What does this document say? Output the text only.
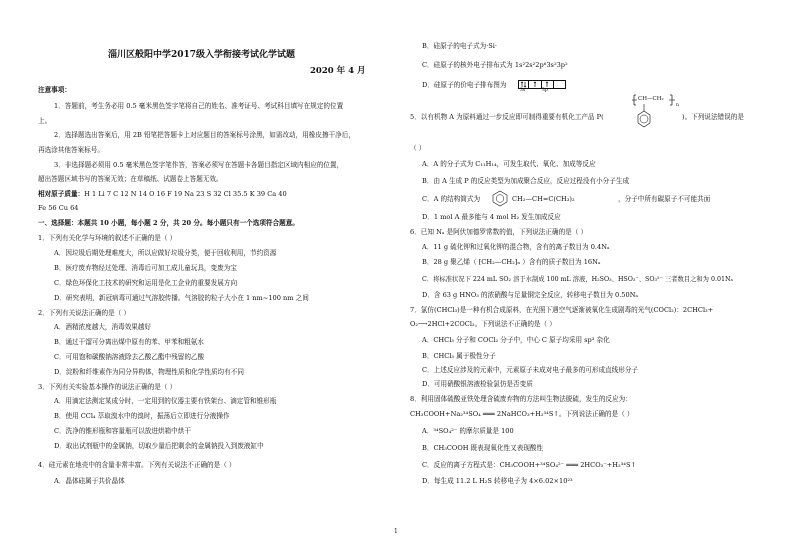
淄川区般阳中学2017级入学衔接考试化学试题
2020 年 4 月
注意事项：
1．答题前，考生务必用 0.5 毫米黑色签字笔将自己的姓名、准考证号、考试科目填写在规定的位置
上。
2．选择题选出答案后，用 2B 铅笔把答题卡上对应题目的答案标号涂黑，如需改动，用橡皮擦干净后，
再选涂其他答案标号。
3．非选择题必须用 0.5 毫米黑色签字笔作答，答案必须写在答题卡各题目指定区域内相应的位置，
超出答题区域书写的答案无效；在草稿纸、试题卷上答题无效。
相对原子质量：H 1 Li 7 C 12 N 14 O 16 F 19 Na 23 S 32 Cl 35.5 K 39 Ca 40
Fe 56 Cu 64
一、选择题：本题共 10 小题，每小题 2 分，共 20 分。每小题只有一个选项符合题意。
1．下列有关化学与环境的叙述不正确的是（ ）
A．因垃圾后期处理难度大，所以应做好垃圾分类，便于回收利用，节约资源
B．医疗废弃物经过处理、消毒后可加工成儿童玩具，变废为宝
C．绿色环保化工技术的研究和运用是化工企业的重要发展方向
D．研究表明，新冠病毒可通过气溶胶传播。气溶胶的粒子大小在 1 nm~100 nm 之间
2．下列有关说法正确的是（ ）
A．酒精浓度越大，消毒效果越好
B．通过干馏可分离出煤中原有的苯、甲苯和粗氨水
C．可用饱和碳酸钠溶液除去乙酸乙酯中残留的乙酸
D．淀粉和纤维素作为同分异构体，物理性质和化学性质均有不同
3．下列有关实验基本操作的说法正确的是（ ）
A．用滴定法测定某成分时，一定用到的仪器主要有铁架台、滴定管和锥形瓶
B．使用 CCl₄ 萃取溴水中的溴时，振荡后立即进行分液操作
C．洗净的锥形瓶和容量瓶可以放进烘箱中烘干
D．取出试剂瓶中的金属钠，切取少量后把剩余的金属钠投入到废液缸中
4．硅元素在地壳中的含量非常丰富。下列有关说法不正确的是（ ）
A．晶体硅属于共价晶体
B．硅原子的电子式为·Si·
C．硅原子的核外电子排布式为 1s²2s²2p⁶3s²3p²
D．硅原子的价电子排布图为
3s	3p
5．以有机物 A 为原料通过一步反应即可制得重要有机化工产品 P(
CH—CH₂
n
)。下列说法错误的是
（ ）
A．A 的分子式为 C₁₁H₁₄，可发生取代、氧化、加成等反应
B．由 A 生成 P 的反应类型为加成聚合反应，反应过程没有小分子生成
C．A 的结构简式为	CH₂—CH=C(CH₃)₂	，分子中所有碳原子不可能共面
D．1 mol A 最多能与 4 mol H₂ 发生加成反应
6．已知 Nₐ 是阿伏加德罗常数的值，下列说法正确的是（ ）
A．11 g 硫化钾和过氧化钾的混合物，含有的离子数目为 0.4Nₐ
B．28 g 聚乙烯（ ⁅CH₂—CH₂⁆ₙ ）含有的质子数目为 16Nₐ
C．将标准状况下 224 mL SO₂ 溶于水制成 100 mL 溶液，H₂SO₃、HSO₃⁻、SO₃²⁻ 三者数目之和为 0.01Nₐ
D．含 63 g HNO₃ 的浓硝酸与足量铜完全反应，转移电子数目为 0.50Nₐ
7．氯仿(CHCl₃)是一种有机合成原料，在光照下遇空气逐渐被氧化生成剧毒的光气(COCl₂)：2CHCl₃+
O₂⟶2HCl+2COCl₂。下列说法不正确的是（ ）
A．CHCl₃ 分子和 COCl₂ 分子中，中心 C 原子均采用 sp³ 杂化
B．CHCl₃ 属于极性分子
C．上述反应涉及的元素中，元素原子未成对电子最多的可形成直线形分子
D．可用硝酸银溶液检验氯仿是否变质
8．利用固体硫酸亚铁处理含硫废弃物的方法叫生物法脱硫，发生的反应为：
CH₃COOH+Na₂³⁴SO₄ ═══ 2NaHCO₃+H₂³⁴S↑。下列说法正确的是（ ）
A．³⁴SO₄²⁻ 的摩尔质量是 100
B．CH₃COOH 既表现氧化性又表现酸性
C．反应的离子方程式是：CH₃COOH+³⁴SO₄²⁻ ═══ 2HCO₃⁻+H₂³⁴S↑
D．每生成 11.2 L H₂S 转移电子为 4×6.02×10²³
1
